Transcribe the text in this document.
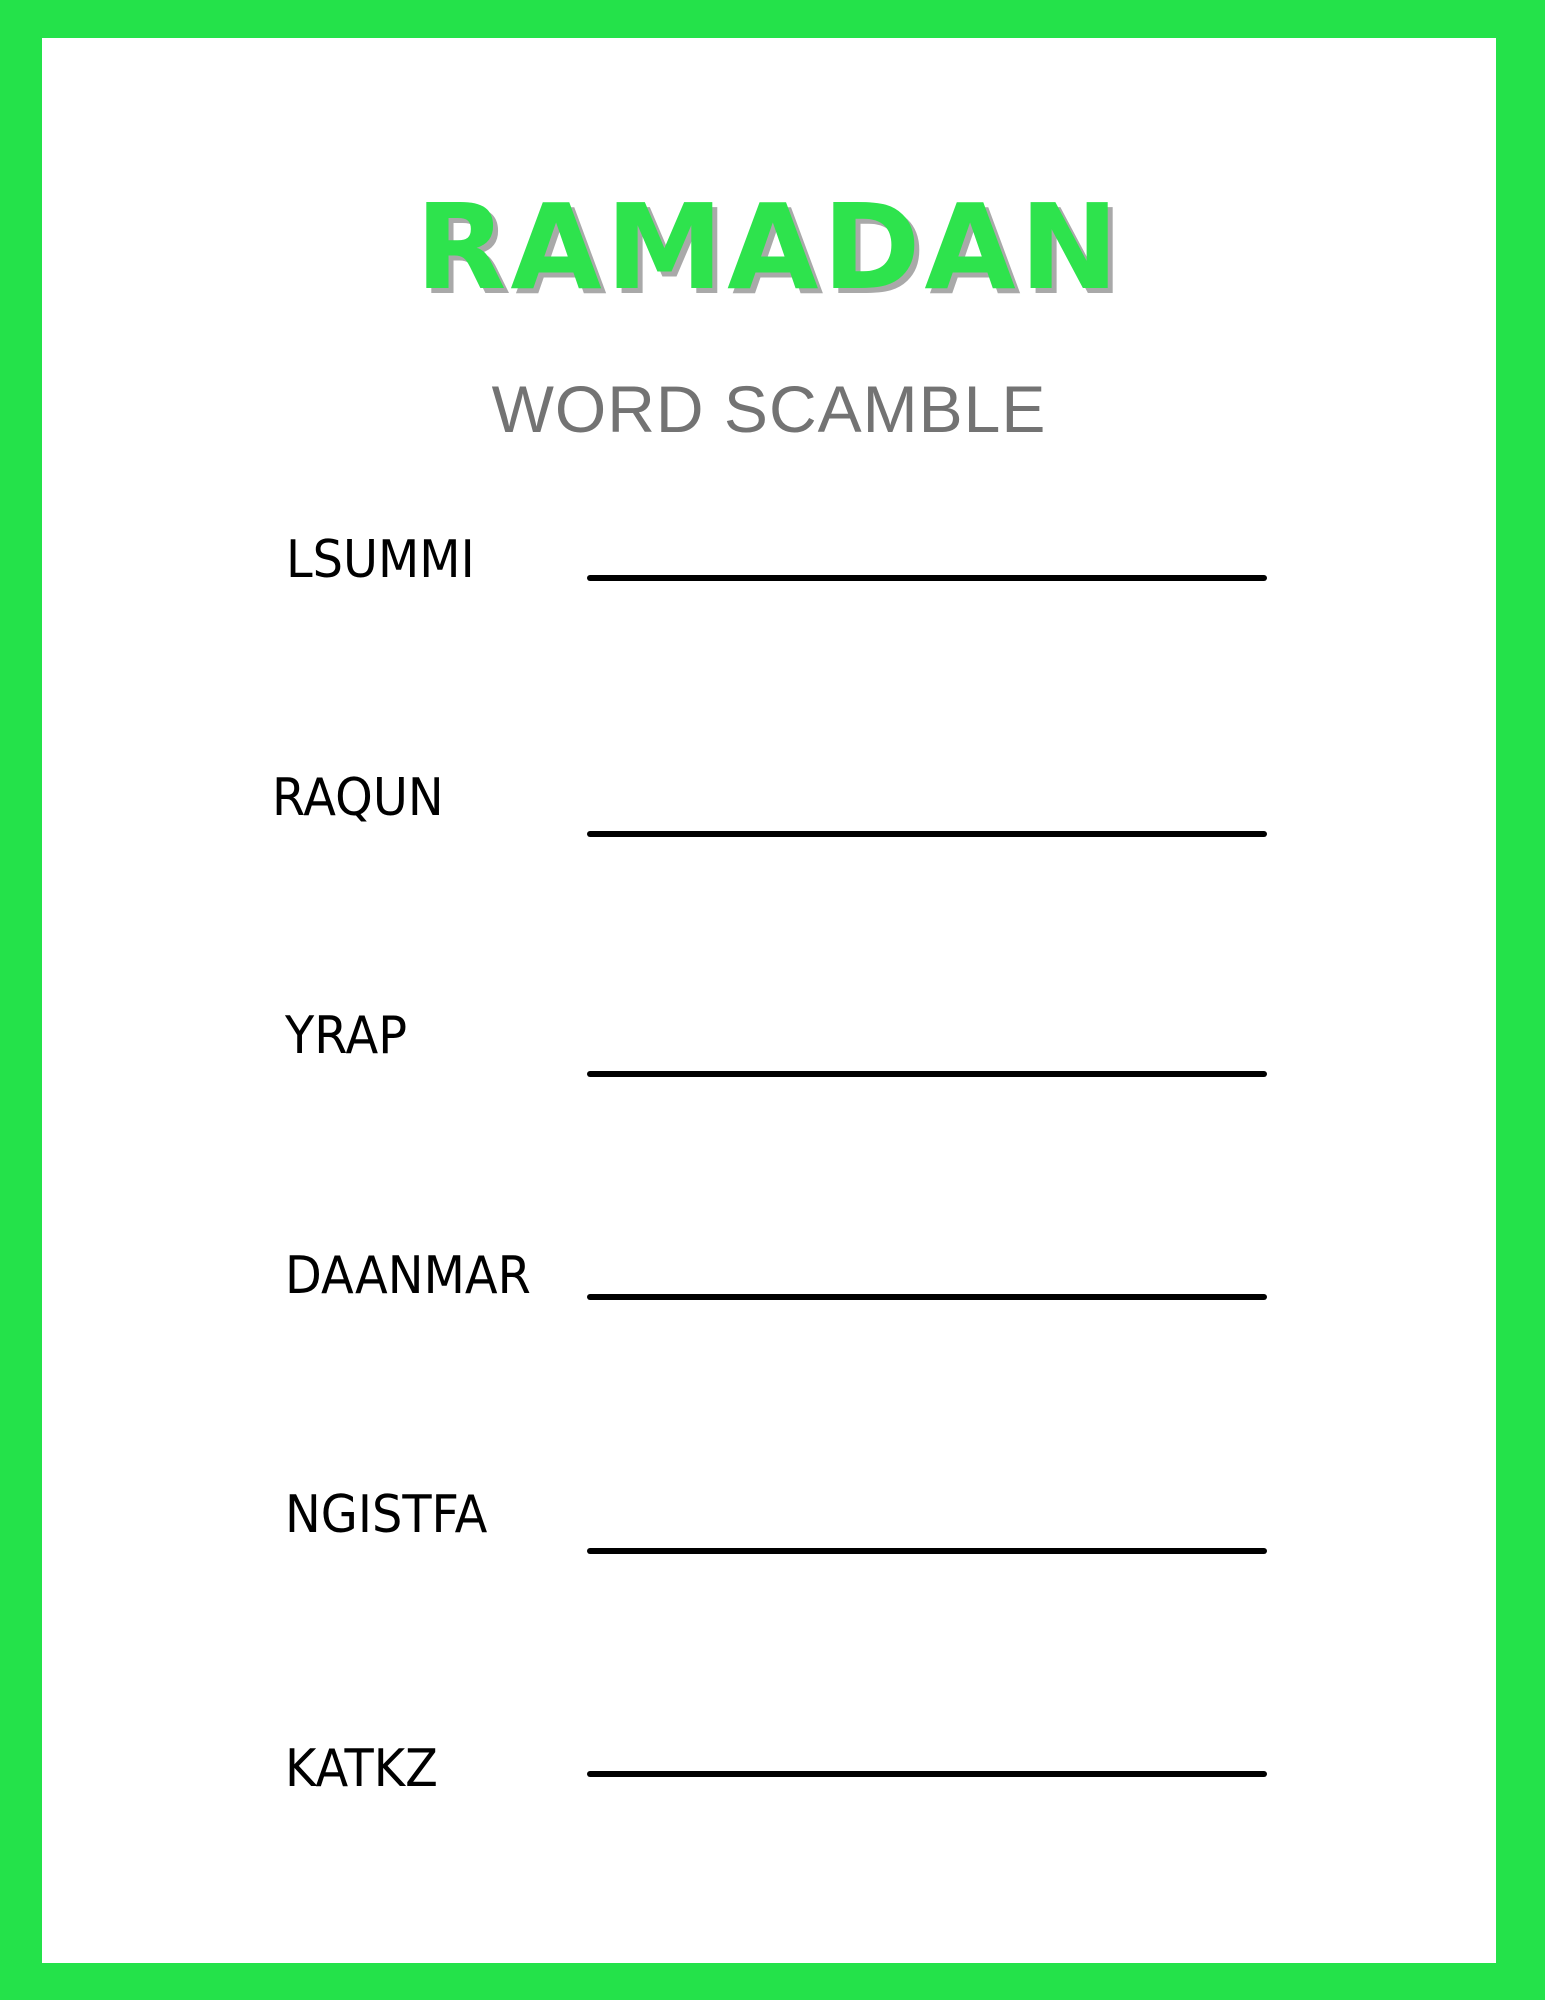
RAMADAN
WORD SCAMBLE
LSUMMI
RAQUN
YRAP
DAANMAR
NGISTFA
KATKZ
